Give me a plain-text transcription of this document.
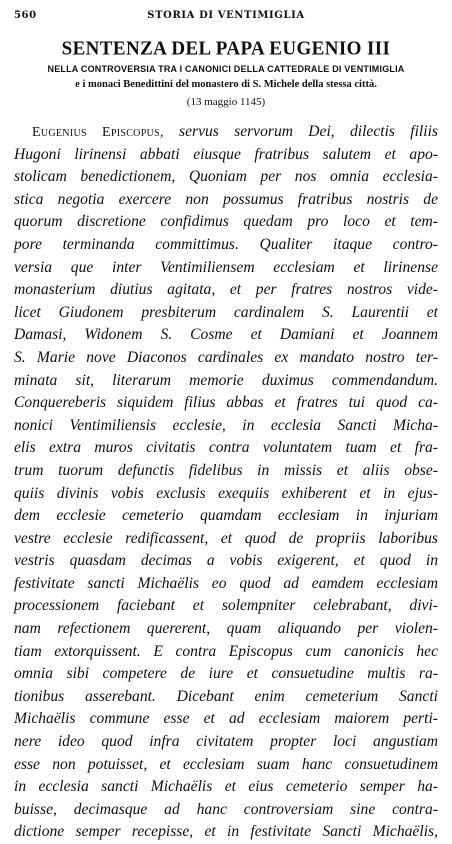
560	STORIA DI VENTIMIGLIA
SENTENZA DEL PAPA EUGENIO III
NELLA CONTROVERSIA TRA I CANONICI DELLA CATTEDRALE DI VENTIMIGLIA
e i monaci Benedittini del monastero di S. Michele della stessa città.
(13 maggio 1145)
Eugenius Episcopus, servus servorum Dei, dilectis filiis
Hugoni lirinensi abbati eiusque fratribus salutem et apo-
stolicam benedictionem, Quoniam per nos omnia ecclesia-
stica negotia exercere non possumus fratribus nostris de
quorum discretione confidimus quedam pro loco et tem-
pore terminanda committimus. Qualiter itaque contro-
versia que inter Ventimiliensem ecclesiam et lirinense
monasterium diutius agitata, et per fratres nostros vide-
licet Giudonem presbiterum cardinalem S. Laurentii et
Damasi, Widonem S. Cosme et Damiani et Joannem
S. Marie nove Diaconos cardinales ex mandato nostro ter-
minata sit, literarum memorie duximus commendandum.
Conquereberis siquidem filius abbas et fratres tui quod ca-
nonici Ventimiliensis ecclesie, in ecclesia Sancti Micha-
elis extra muros civitatis contra voluntatem tuam et fra-
trum tuorum defunctis fidelibus in missis et aliis obse-
quiis divinis vobis exclusis exequiis exhiberent et in ejus-
dem ecclesie cemeterio quamdam ecclesiam in injuriam
vestre ecclesie redificassent, et quod de propriis laboribus
vestris quasdam decimas a vobis exigerent, et quod in
festivitate sancti Michaëlis eo quod ad eamdem ecclesiam
processionem faciebant et solempniter celebrabant, divi-
nam refectionem quererent, quam aliquando per violen-
tiam extorquissent. E contra Episcopus cum canonicis hec
omnia sibi competere de iure et consuetudine multis ra-
tionibus asserebant. Dicebant enim cemeterium Sancti
Michaëlis commune esse et ad ecclesiam maiorem perti-
nere ideo quod infra civitatem propter loci angustiam
esse non potuisset, et ecclesiam suam hanc consuetudinem
in ecclesia sancti Michaëlis et eius cemeterio semper ha-
buisse, decimasque ad hanc controversiam sine contra-
dictione semper recepisse, et in festivitate Sancti Michaëlis,
